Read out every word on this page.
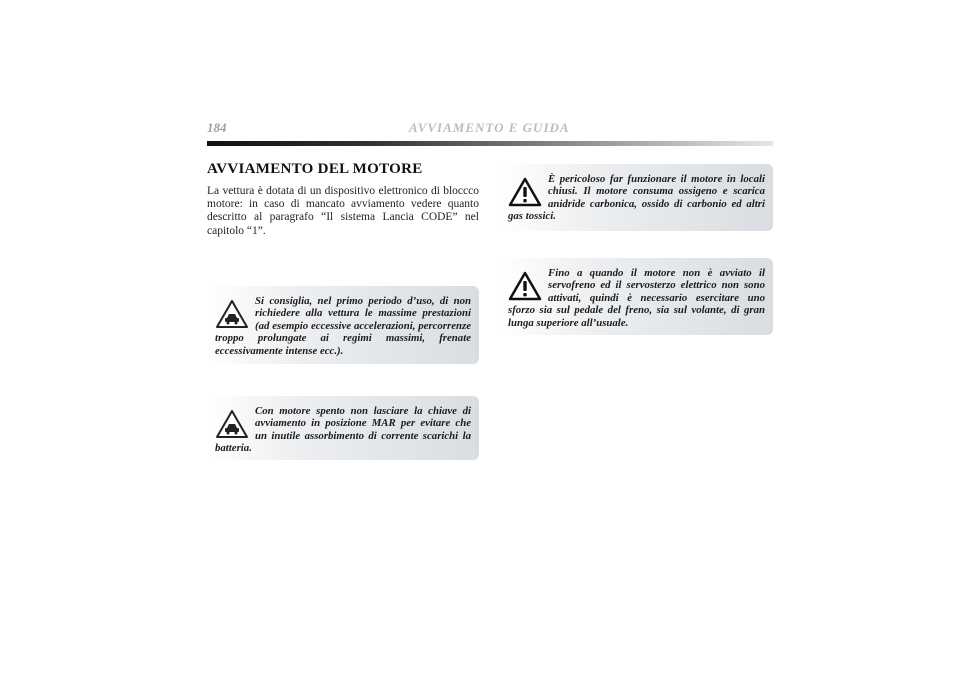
184	AVVIAMENTO E GUIDA
AVVIAMENTO DEL MOTORE

La vettura è dotata di un dispositivo elettronico di bloccco motore: in caso di mancato avviamento vedere quanto descritto al paragrafo “Il sistema Lancia CODE” nel capitolo “1”.

Si consiglia, nel primo periodo d’uso, di non richiedere alla vettura le massime prestazioni (ad esempio eccessive accelerazioni, percorrenze troppo prolungate ai regimi massimi, frenate eccessivamente intense ecc.).

Con motore spento non lasciare la chiave di avviamento in posizione MAR per evitare che un inutile assorbimento di corrente scarichi la batteria.

È pericoloso far funzionare il motore in locali chiusi. Il motore consuma ossigeno e scarica anidride carbonica, ossido di carbonio ed altri gas tossici.

Fino a quando il motore non è avviato il servofreno ed il servosterzo elettrico non sono attivati, quindi è necessario esercitare uno sforzo sia sul pedale del freno, sia sul volante, di gran lunga superiore all’usuale.
